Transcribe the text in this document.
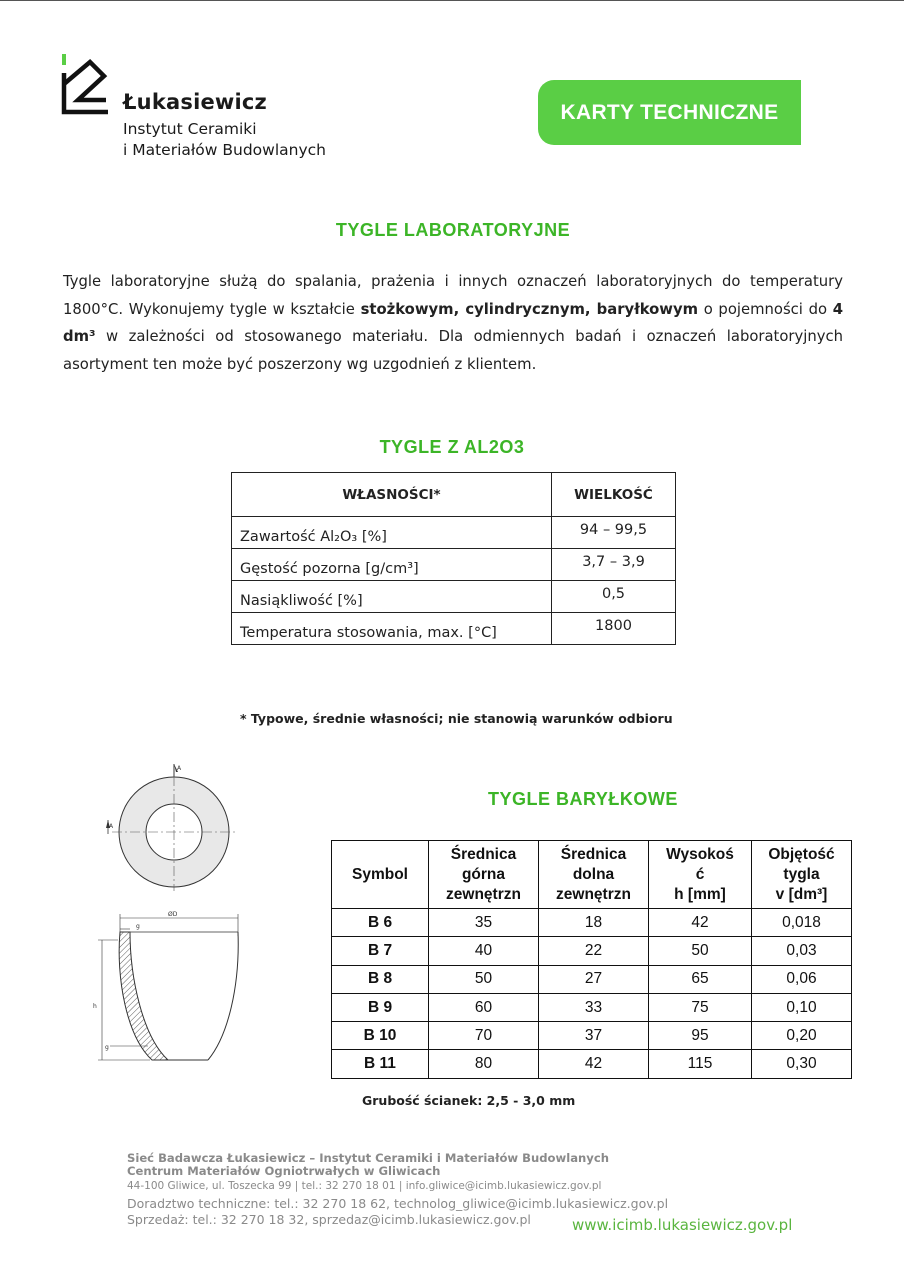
Łukasiewicz
Instytut Ceramiki
i Materiałów Budowlanych
KARTY TECHNICZNE
TYGLE LABORATORYJNE

Tygle laboratoryjne służą do spalania, prażenia i innych oznaczeń laboratoryjnych do temperatury 1800°C. Wykonujemy tygle w kształcie stożkowym, cylindrycznym, baryłkowym o pojemności do 4 dm³ w zależności od stosowanego materiału. Dla odmiennych badań i oznaczeń laboratoryjnych asortyment ten może być poszerzony wg uzgodnień z klientem.

TYGLE Z AL2O3
WŁASNOŚCI*	WIELKOŚĆ
Zawartość Al₂O₃ [%]	94 – 99,5
Gęstość pozorna [g/cm³]	3,7 – 3,9
Nasiąkliwość [%]	0,5
Temperatura stosowania, max. [°C]	1800
* Typowe, średnie własności; nie stanowią warunków odbioru
A
A
ØD
g
h
g
TYGLE BARYŁKOWE
Symbol	Średnica
górna
zewnętrzn	Średnica
dolna
zewnętrzn	Wysokoś
ć
h [mm]	Objętość
tygla
v [dm³]
B 6	35	18	42	0,018
B 7	40	22	50	0,03
B 8	50	27	65	0,06
B 9	60	33	75	0,10
B 10	70	37	95	0,20
B 11	80	42	115	0,30
Grubość ścianek: 2,5 - 3,0 mm
Sieć Badawcza Łukasiewicz – Instytut Ceramiki i Materiałów Budowlanych
Centrum Materiałów Ogniotrwałych w Gliwicach
44-100 Gliwice, ul. Toszecka 99 | tel.: 32 270 18 01 | info.gliwice@icimb.lukasiewicz.gov.pl
Doradztwo techniczne: tel.: 32 270 18 62, technolog_gliwice@icimb.lukasiewicz.gov.pl
Sprzedaż: tel.: 32 270 18 32, sprzedaz@icimb.lukasiewicz.gov.pl	www.icimb.lukasiewicz.gov.pl
